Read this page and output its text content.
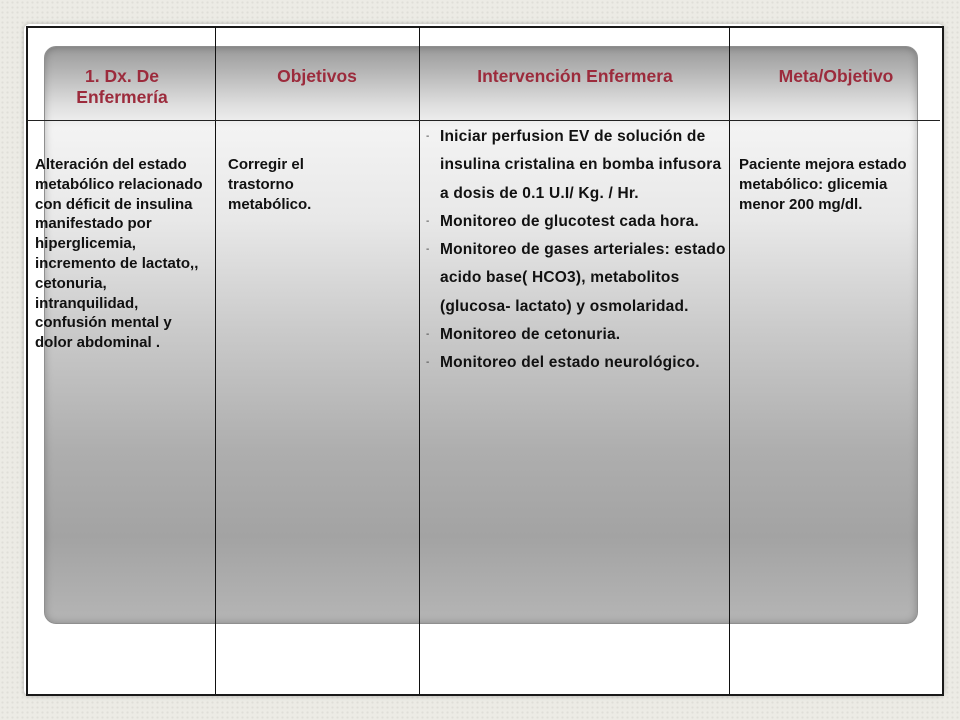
1. Dx. De Enfermería
Objetivos	Intervención Enfermera	Meta/Objetivo
Alteración del estado metabólico relacionado con déficit de insulina manifestado por hiperglicemia, incremento de lactato,, cetonuria, intranquilidad, confusión mental y dolor abdominal .
Corregir el trastorno metabólico.
- Iniciar perfusion EV de solución de insulina cristalina en bomba infusora a dosis de 0.1 U.I/ Kg. / Hr.
- Monitoreo de glucotest cada hora.
- Monitoreo de gases arteriales: estado acido base( HCO3), metabolitos (glucosa- lactato) y osmolaridad.
- Monitoreo de cetonuria.
- Monitoreo del estado neurológico.
Paciente mejora estado metabólico: glicemia menor 200 mg/dl.
